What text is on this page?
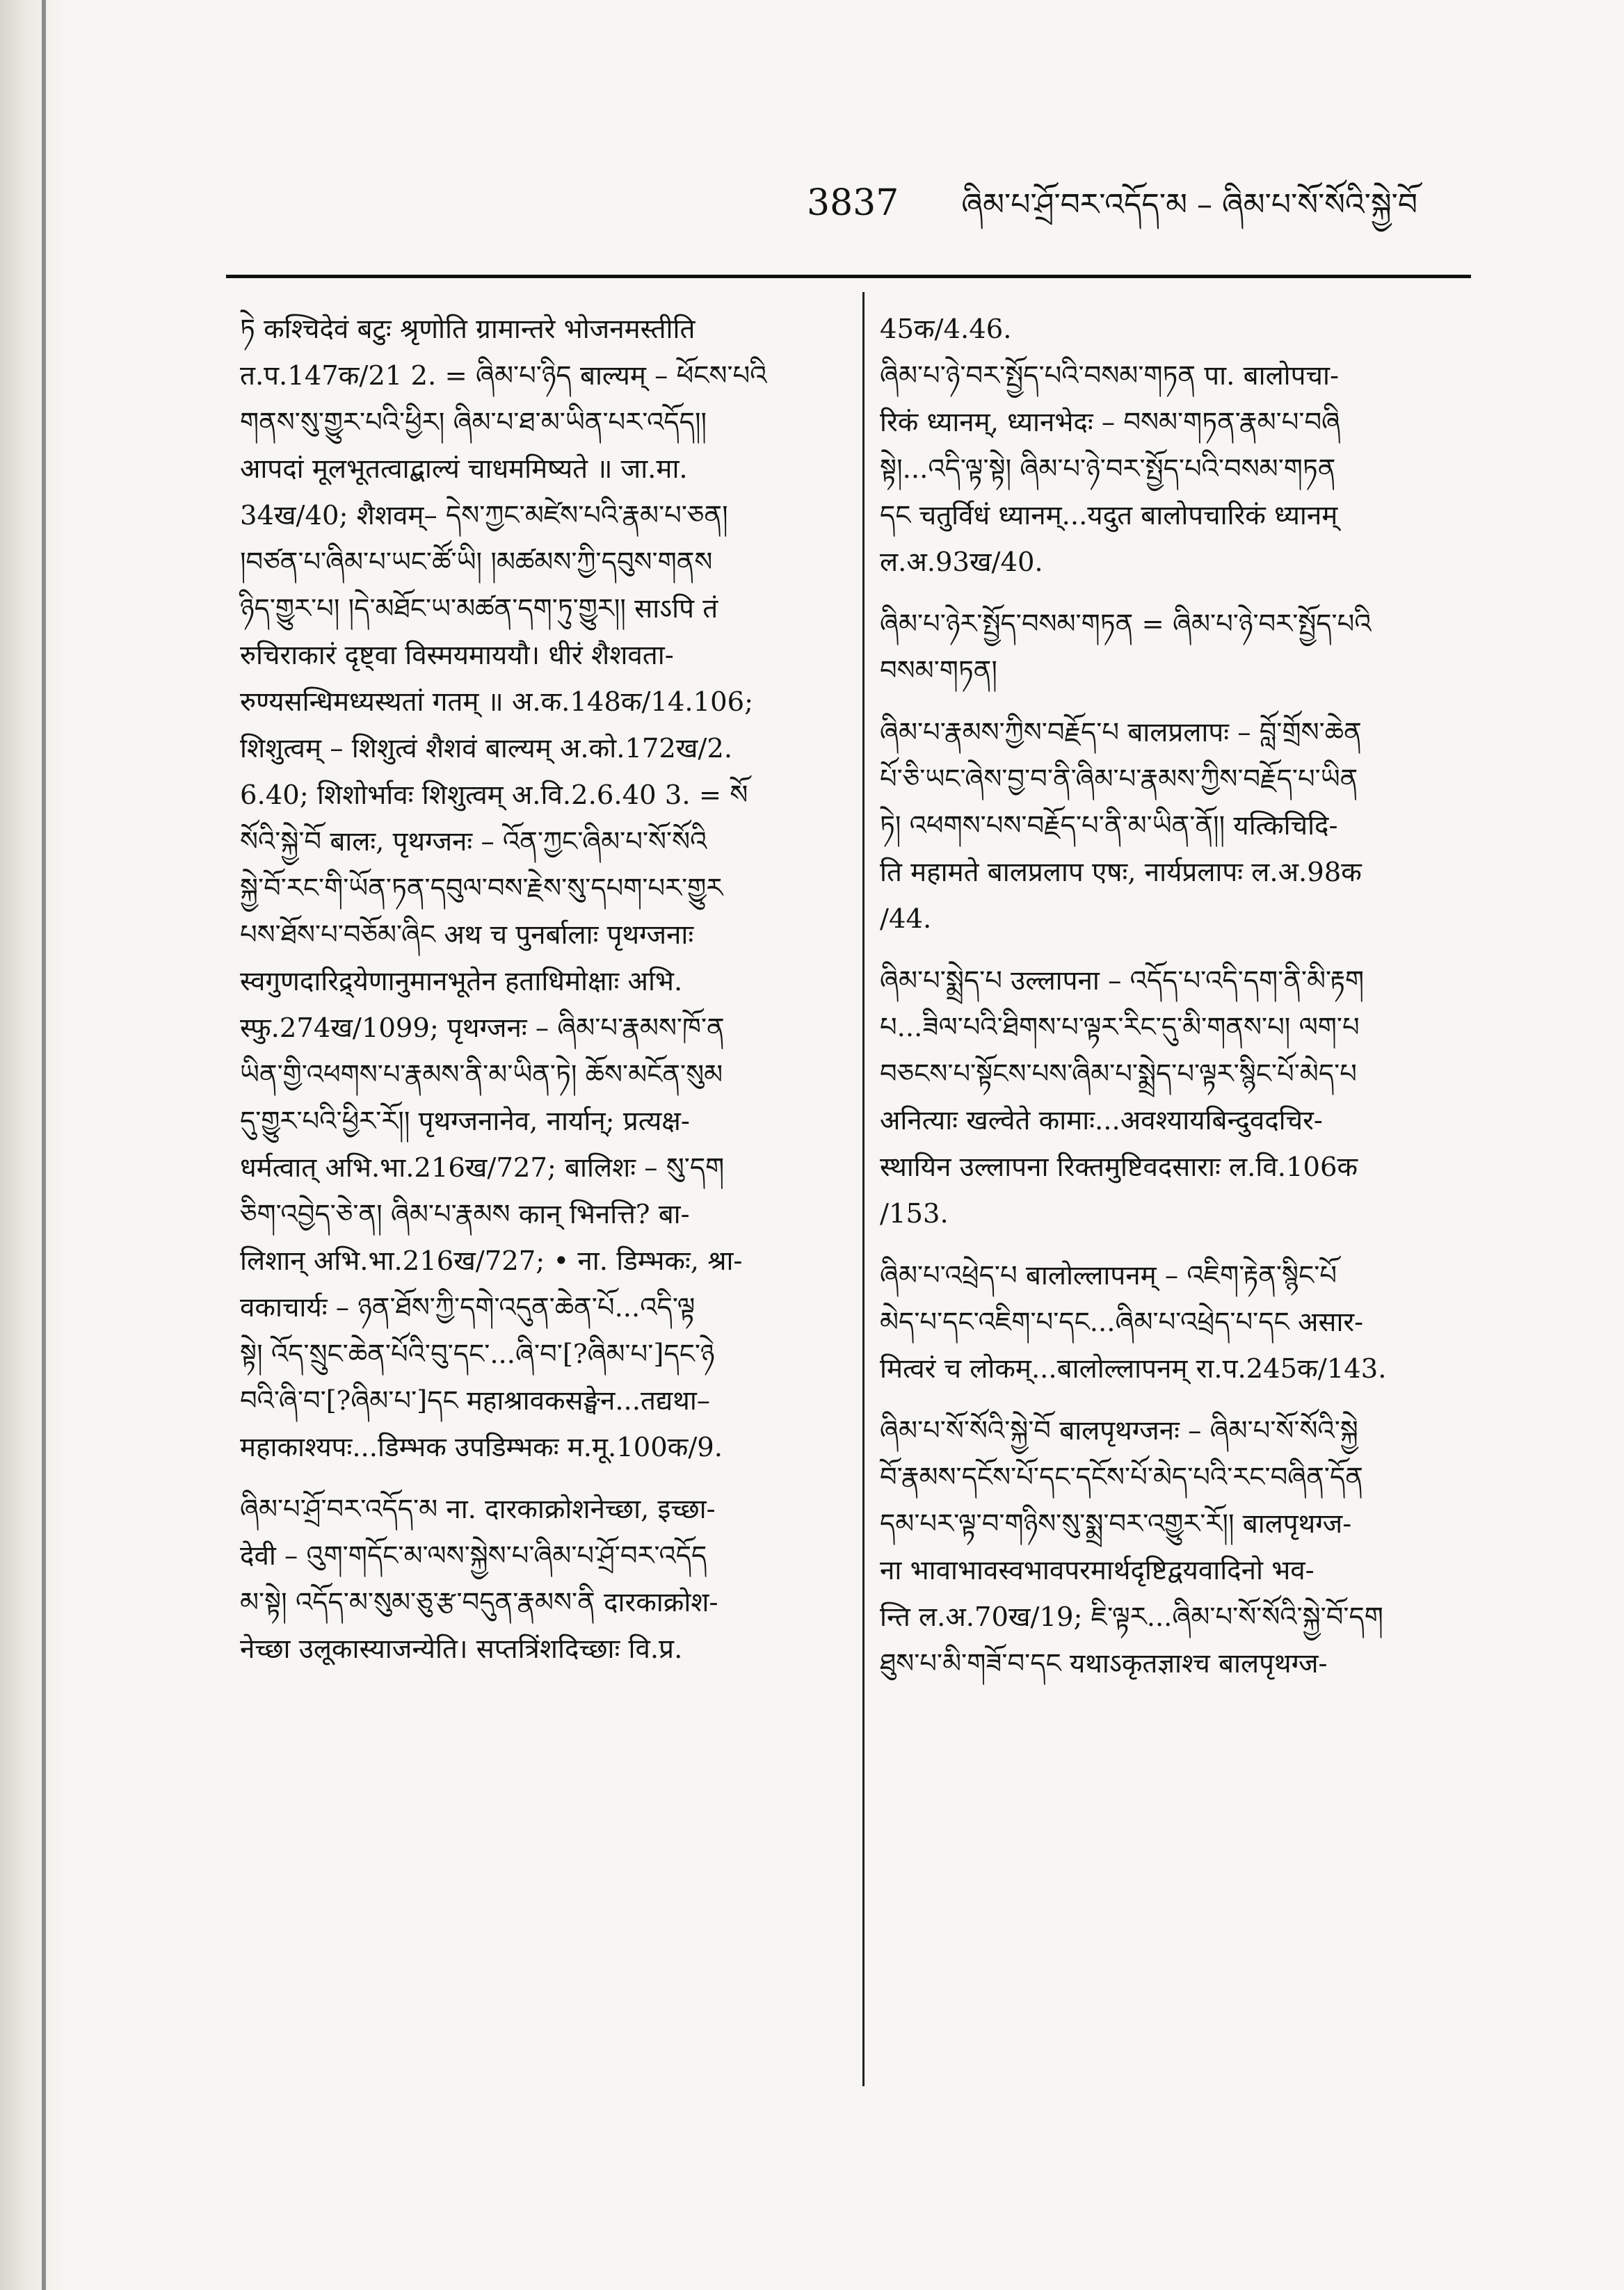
3837 ཞིམ་པ་ཤྲོ་བར་འདོད་མ – ཞིམ་པ་སོ་སོའི་སྐྱེ་བོ
ཏེ कश्चिदेवं बटुः श्रृणोति ग्रामान्तरे भोजनमस्तीति
त.प.147क/21 2. = ཞིམ་པ་ཉིད बाल्यम् – ཕོངས་པའི
གནས་སུ་གྱུར་པའི་ཕྱིར། ཞིམ་པ་ཐ་མ་ཡིན་པར་འདོད།།
आपदां मूलभूतत्वाद्बाल्यं चाधममिष्यते ॥ जा.मा.
34ख/40; शैशवम्– དེས་ཀྱང་མཛེས་པའི་རྣམ་པ་ཅན།
།བཙན་པ་ཞིམ་པ་ཡང་ཚོ་ཡི། །མཚམས་ཀྱི་དབུས་གནས
ཉིད་གྱུར་པ། །དེ་མཐོང་ཡ་མཚན་དག་ཏུ་གྱུར།། साऽपि तं
रुचिराकारं दृष्ट्वा विस्मयमाययौ। धीरं शैशवता-
रुण्यसन्धिमध्यस्थतां गतम् ॥ अ.क.148क/14.106;
शिशुत्वम् – शिशुत्वं शैशवं बाल्यम् अ.को.172ख/2.
6.40; शिशोर्भावः शिशुत्वम् अ.वि.2.6.40 3. = སོ
སོའི་སྐྱེ་བོ बालः, पृथग्जनः – འོན་ཀྱང་ཞིམ་པ་སོ་སོའི
སྐྱེ་བོ་རང་གི་ཡོན་ཏན་དབུལ་བས་རྗེས་སུ་དཔག་པར་གྱུར
པས་ཐོས་པ་བཅོམ་ཞིང अथ च पुनर्बालाः पृथग्जनाः
स्वगुणदारिद्र्येणानुमानभूतेन हताधिमोक्षाः अभि.
स्फु.274ख/1099; पृथग्जनः – ཞིམ་པ་རྣམས་ཁོ་ན
ཡིན་གྱི་འཕགས་པ་རྣམས་ནི་མ་ཡིན་ཏེ། ཆོས་མངོན་སུམ
དུ་གྱུར་པའི་ཕྱིར་རོ།། पृथग्जनानेव, नार्यान्; प्रत्यक्ष-
धर्मत्वात् अभि.भा.216ख/727; बालिशः – སུ་དག
ཅིག་འབྱེད་ཅེ་ན། ཞིམ་པ་རྣམས कान् भिनत्ति? बा-
लिशान् अभि.भा.216ख/727; • ना. डिम्भकः, श्रा-
वकाचार्यः – ཉན་ཐོས་ཀྱི་དགེ་འདུན་ཆེན་པོ...འདི་ལྟ
སྟེ། འོད་སྲུང་ཆེན་པོའི་བུ་དང་...ཞི་བ་[?ཞིམ་པ་]དང་ཉེ
བའི་ཞི་བ་[?ཞིམ་པ་]དང महाश्रावकसङ्घेन...तद्यथा–
महाकाश्यपः...डिम्भक उपडिम्भकः म.मू.100क/9.
ཞིམ་པ་ཤྲོ་བར་འདོད་མ ना. दारकाक्रोशनेच्छा, इच्छा-
देवी – འུག་གདོང་མ་ལས་སྐྱེས་པ་ཞིམ་པ་ཤྲོ་བར་འདོད
མ་སྟེ། འདོད་མ་སུམ་ཅུ་རྩ་བདུན་རྣམས་ནི दारकाक्रोश-
नेच्छा उलूकास्याजन्येति। सप्तत्रिंशदिच्छाः वि.प्र.
45क/4.46.
ཞིམ་པ་ཉེ་བར་སྤྱོད་པའི་བསམ་གཏན पा. बालोपचा-
रिकं ध्यानम्, ध्यानभेदः – བསམ་གཏན་རྣམ་པ་བཞི
སྟེ།...འདི་ལྟ་སྟེ། ཞིམ་པ་ཉེ་བར་སྤྱོད་པའི་བསམ་གཏན
དང चतुर्विधं ध्यानम्...यदुत बालोपचारिकं ध्यानम्
ल.अ.93ख/40.
ཞིམ་པ་ཉེར་སྤྱོད་བསམ་གཏན = ཞིམ་པ་ཉེ་བར་སྤྱོད་པའི
བསམ་གཏན།
ཞིམ་པ་རྣམས་ཀྱིས་བརྗོད་པ बालप्रलापः – བློ་གྲོས་ཆེན
པོ་ཅི་ཡང་ཞེས་བྱ་བ་ནི་ཞིམ་པ་རྣམས་ཀྱིས་བརྗོད་པ་ཡིན
ཏེ། འཕགས་པས་བརྗོད་པ་ནི་མ་ཡིན་ནོ།། यत्किचिदि-
ति महामते बालप्रलाप एषः, नार्यप्रलापः ल.अ.98क
/44.
ཞིམ་པ་སྨྲེད་པ उल्लापना – འདོད་པ་འདི་དག་ནི་མི་རྟག
པ...ཟིལ་པའི་ཐིགས་པ་ལྟར་རིང་དུ་མི་གནས་པ། ལག་པ
བཅངས་པ་སྟོངས་པས་ཞིམ་པ་སྨྲེད་པ་ལྟར་སྙིང་པོ་མེད་པ
अनित्याः खल्वेते कामाः...अवश्यायबिन्दुवदचिर-
स्थायिन उल्लापना रिक्तमुष्टिवदसाराः ल.वि.106क
/153.
ཞིམ་པ་འཕྲེད་པ बालोल्लापनम् – འཇིག་རྟེན་སྙིང་པོ
མེད་པ་དང་འཇིག་པ་དང...ཞིམ་པ་འཕྲེད་པ་དང असार-
मित्वरं च लोकम्...बालोल्लापनम् रा.प.245क/143.
ཞིམ་པ་སོ་སོའི་སྐྱེ་བོ बालपृथग्जनः – ཞིམ་པ་སོ་སོའི་སྐྱེ
བོ་རྣམས་དངོས་པོ་དང་དངོས་པོ་མེད་པའི་རང་བཞིན་དོན
དམ་པར་ལྟ་བ་གཉིས་སུ་སྨྲ་བར་འགྱུར་རོ།། बालपृथग्ज-
ना भावाभावस्वभावपरमार्थदृष्टिद्वयवादिनो भव-
न्ति ल.अ.70ख/19; ཇི་ལྟར...ཞིམ་པ་སོ་སོའི་སྐྱེ་བོ་དག
ཐུས་པ་མི་གཟོ་བ་དང यथाऽकृतज्ञाश्च बालपृथग्ज-
